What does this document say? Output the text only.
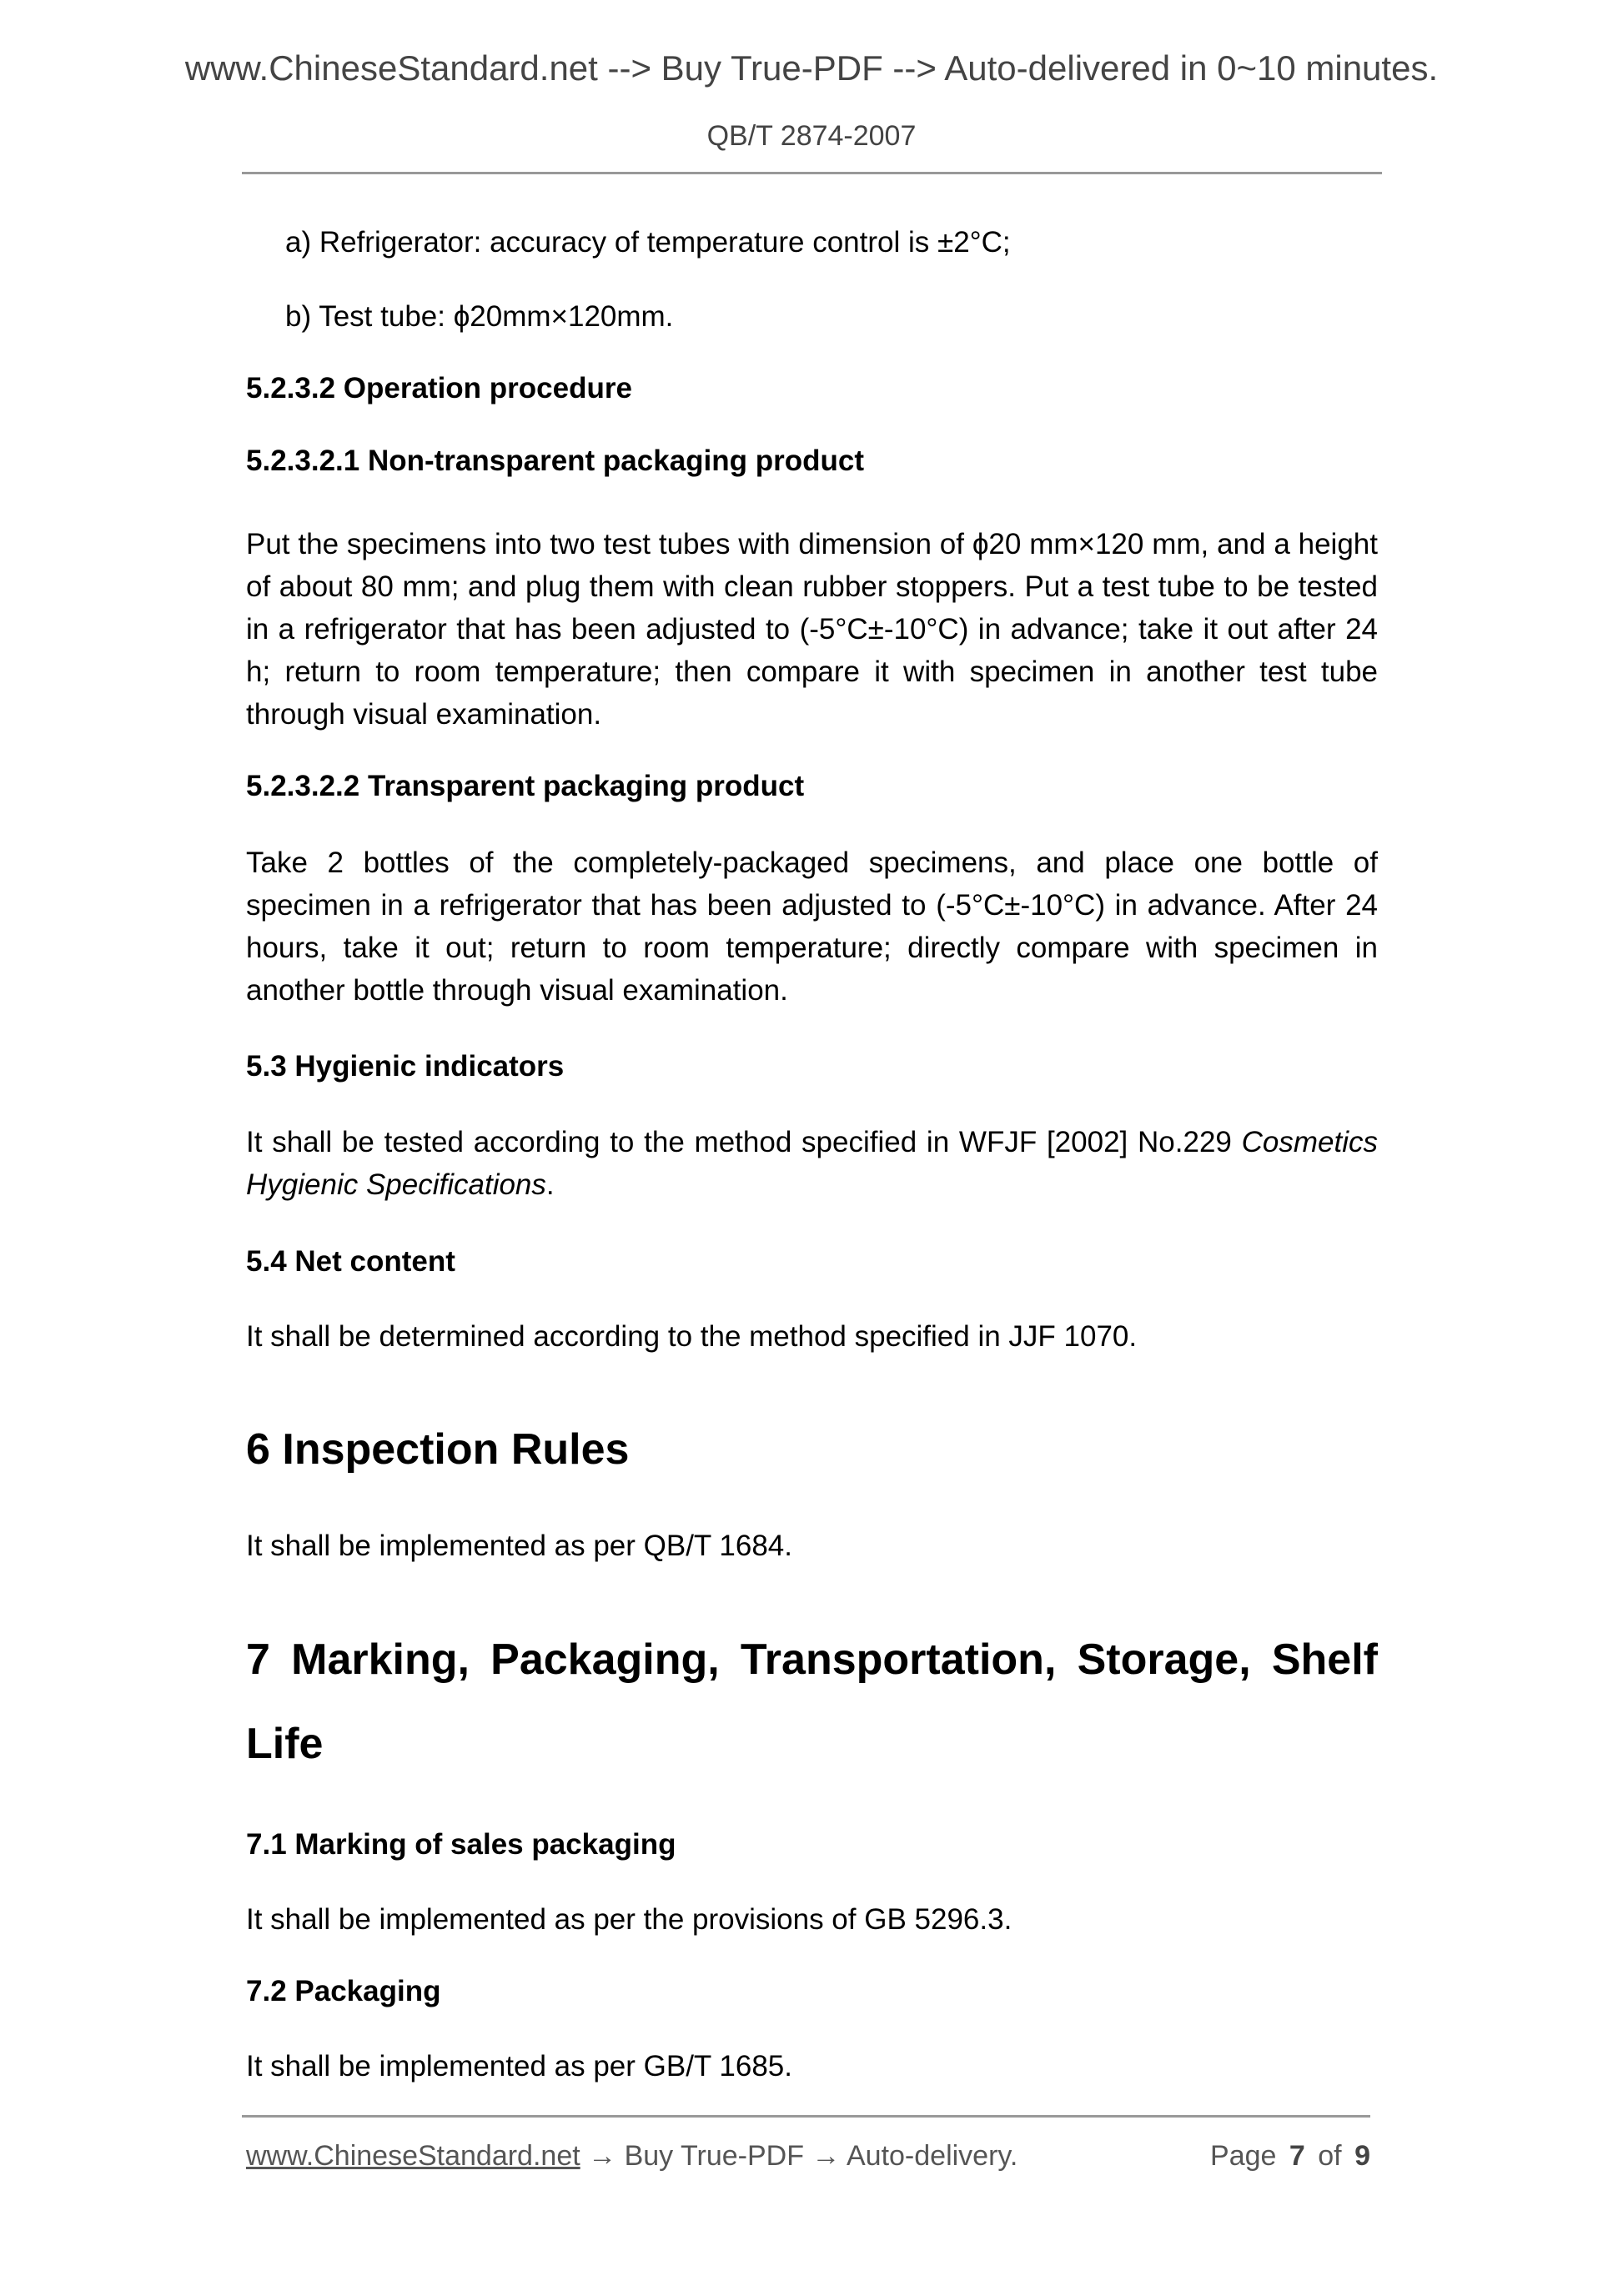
www.ChineseStandard.net --> Buy True-PDF --> Auto-delivered in 0~10 minutes.
QB/T 2874-2007
a) Refrigerator: accuracy of temperature control is ±2°C;
b) Test tube: ϕ20mm×120mm.
5.2.3.2 Operation procedure
5.2.3.2.1 Non-transparent packaging product
Put the specimens into two test tubes with dimension of ϕ20 mm×120 mm, and a height of about 80 mm; and plug them with clean rubber stoppers. Put a test tube to be tested in a refrigerator that has been adjusted to (-5°C±-10°C) in advance; take it out after 24 h; return to room temperature; then compare it with specimen in another test tube through visual examination.
5.2.3.2.2 Transparent packaging product
Take 2 bottles of the completely-packaged specimens, and place one bottle of specimen in a refrigerator that has been adjusted to (-5°C±-10°C) in advance. After 24 hours, take it out; return to room temperature; directly compare with specimen in another bottle through visual examination.
5.3 Hygienic indicators
It shall be tested according to the method specified in WFJF [2002] No.229 Cosmetics Hygienic Specifications.
5.4 Net content
It shall be determined according to the method specified in JJF 1070.
6 Inspection Rules
It shall be implemented as per QB/T 1684.
7 Marking, Packaging, Transportation, Storage, Shelf
Life
7.1 Marking of sales packaging
It shall be implemented as per the provisions of GB 5296.3.
7.2 Packaging
It shall be implemented as per GB/T 1685.
www.ChineseStandard.net → Buy True-PDF → Auto-delivery.	Page 7 of 9
